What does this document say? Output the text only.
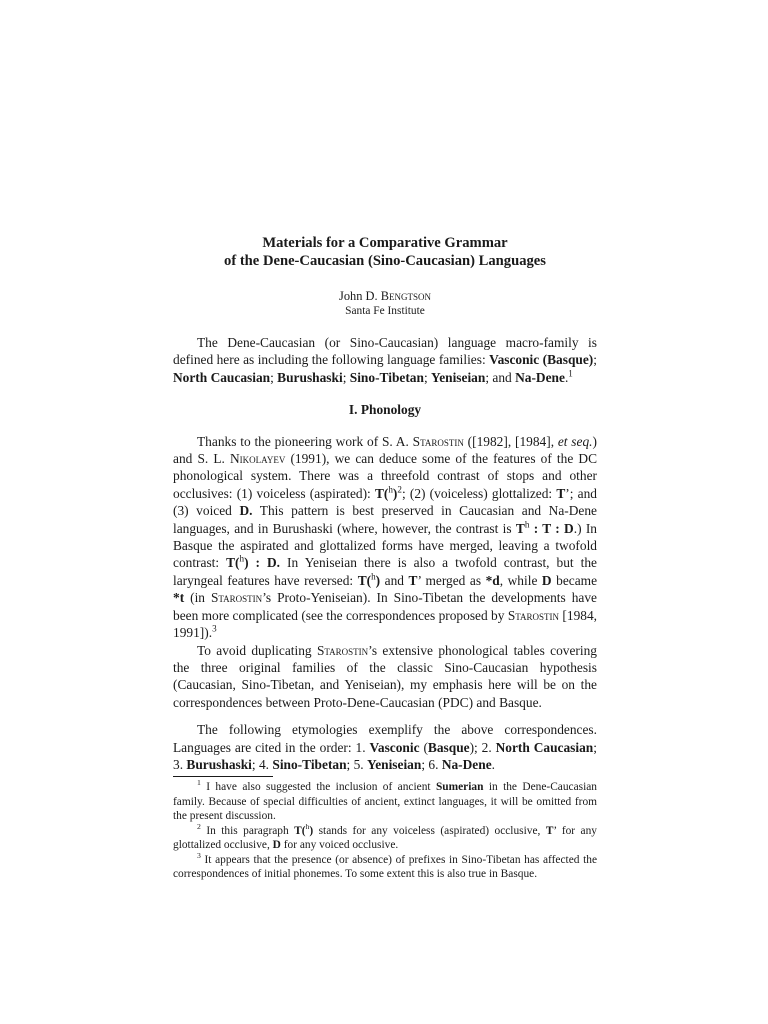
Materials for a Comparative Grammar
of the Dene-Caucasian (Sino-Caucasian) Languages
John D. Bengtson
Santa Fe Institute

The Dene-Caucasian (or Sino-Caucasian) language macro-family is defined here as including the following language families: Vasconic (Basque); North Caucasian; Burushaski; Sino-Tibetan; Yeniseian; and Na-Dene.$^1$

I. Phonology

Thanks to the pioneering work of S. A. Starostin ([1982], [1984], et seq.) and S. L. Nikolayev (1991), we can deduce some of the features of the DC phonological system. There was a threefold contrast of stops and other occlusives: (1) voiceless (aspirated): $T(^h)^2$; (2) (voiceless) glottalized: T’; and (3) voiced D. This pattern is best preserved in Caucasian and Na-Dene languages, and in Burushaski (where, however, the contrast is $T^h$ : T : D.) In Basque the aspirated and glottalized forms have merged, leaving a twofold contrast: T($^h$) : D. In Yeniseian there is also a twofold contrast, but the laryngeal features have reversed: T($^h$) and T’ merged as *d, while D became *t (in Starostin’s Proto-Yeniseian). In Sino-Tibetan the developments have been more complicated (see the correspondences proposed by Starostin [1984, 1991]).$^3$

To avoid duplicating Starostin’s extensive phonological tables covering the three original families of the classic Sino-Caucasian hypothesis (Caucasian, Sino-Tibetan, and Yeniseian), my emphasis here will be on the correspondences between Proto-Dene-Caucasian (PDC) and Basque.

The following etymologies exemplify the above correspondences. Languages are cited in the order: 1. Vasconic (Basque); 2. North Caucasian; 3. Burushaski; 4. Sino-Tibetan; 5. Yeniseian; 6. Na-Dene.

$^1$ I have also suggested the inclusion of ancient Sumerian in the Dene-Caucasian family. Because of special difficulties of ancient, extinct languages, it will be omitted from the present discussion.

$^2$ In this paragraph T($^h$) stands for any voiceless (aspirated) occlusive, T’ for any glottalized occlusive, D for any voiced occlusive.

$^3$ It appears that the presence (or absence) of prefixes in Sino-Tibetan has affected the correspondences of initial phonemes. To some extent this is also true in Basque.
